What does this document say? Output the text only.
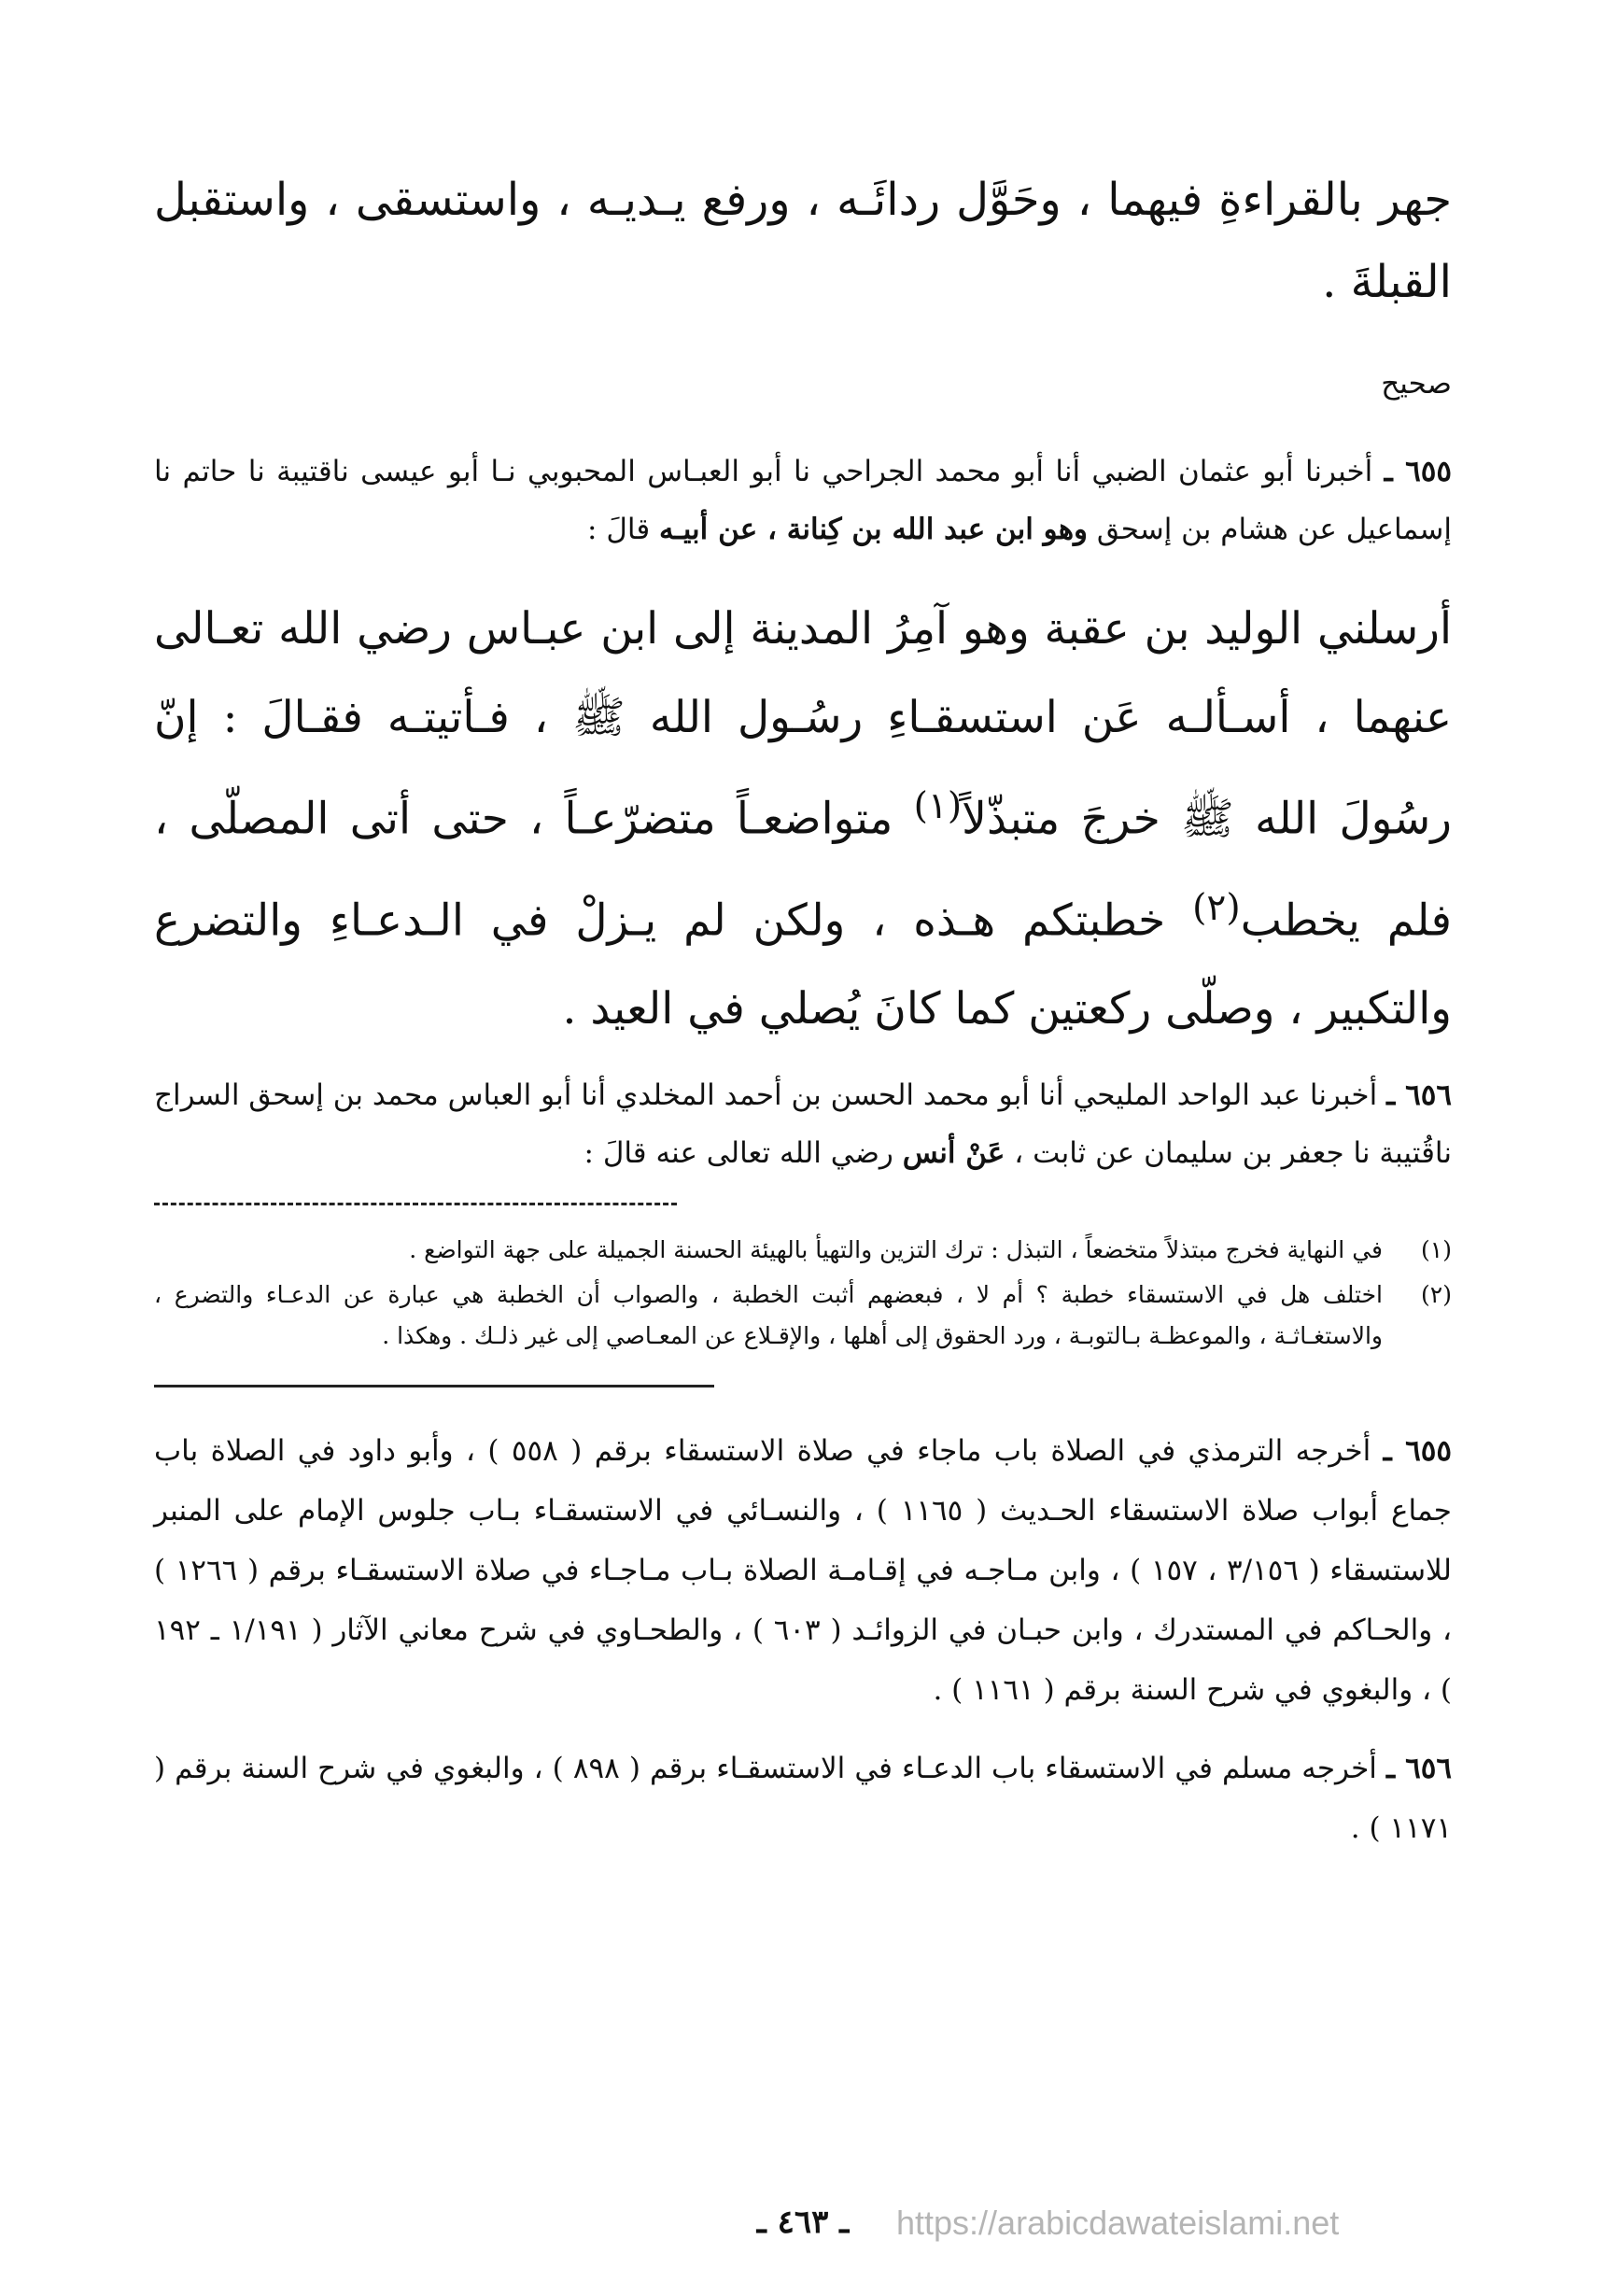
جهر بالقراءةِ فيهما ، وحَوَّل ردائَـه ، ورفع يـديـه ، واستسقى ، واستقبل القبلةَ .

صحيح

٦٥٥ ـ أخبرنا أبو عثمان الضبي أنا أبو محمد الجراحي نا أبو العبـاس المحبوبي نـا أبو عيسى ناقتيبة نا حاتم نا إسماعيل عن هشام بن إسحق وهو ابن عبد الله بن كِنانة ، عن أبيـه قالَ :

أرسلني الوليد بن عقبة وهو آمِرُ المدينة إلى ابن عبـاس رضي الله تعـالى عنهما ، أسـألـه عَن استسقـاءِ رسُـول الله ﷺ ، فـأتيتـه فقـالَ : إنّ رسُولَ الله ﷺ خرجَ متبذّلاً$^{(١)}$ متواضعـاً متضرّعـاً ، حتى أتى المصلّى ، فلم يخطب$^{(٢)}$ خطبتكم هـذه ، ولكن لم يـزلْ في الـدعـاءِ والتضرع والتكبير ، وصلّى ركعتين كما كانَ يُصلي في العيد .

٦٥٦ ـ أخبرنا عبد الواحد المليحي أنا أبو محمد الحسن بن أحمد المخلدي أنا أبو العباس محمد بن إسحق السراج ناقُتيبة نا جعفر بن سليمان عن ثابت ، عَنْ أنس رضي الله تعالى عنه قالَ :

(١)
في النهاية فخرج مبتذلاً متخضعاً ، التبذل : ترك التزين والتهيأ بالهيئة الحسنة الجميلة على جهة التواضع .
(٢)
اختلف هل في الاستسقاء خطبة ؟ أم لا ، فبعضهم أثبت الخطبة ، والصواب أن الخطبة هي عبارة عن الدعـاء والتضرع ، والاستغـاثـة ، والموعظـة بـالتوبـة ، ورد الحقوق إلى أهلها ، والإقـلاع عن المعـاصي إلى غير ذلـك . وهكذا .

٦٥٥ ـ أخرجه الترمذي في الصلاة باب ماجاء في صلاة الاستسقاء برقم ( ٥٥٨ ) ، وأبو داود في الصلاة باب جماع أبواب صلاة الاستسقاء الحـديث ( ١١٦٥ ) ، والنسـائي في الاستسقـاء بـاب جلوس الإمام على المنبر للاستسقاء ( ٣/١٥٦ ، ١٥٧ ) ، وابن مـاجـه في إقـامـة الصلاة بـاب مـاجـاء في صلاة الاستسقـاء برقم ( ١٢٦٦ ) ، والحـاكم في المستدرك ، وابن حبـان في الزوائـد ( ٦٠٣ ) ، والطحـاوي في شرح معاني الآثار ( ١/١٩١ ـ ١٩٢ ) ، والبغوي في شرح السنة برقم ( ١١٦١ ) .

٦٥٦ ـ أخرجه مسلم في الاستسقاء باب الدعـاء في الاستسقـاء برقم ( ٨٩٨ ) ، والبغوي في شرح السنة برقم ( ١١٧١ ) .

ـ ٤٦٣ ـ	https://arabicdawateislami.net
